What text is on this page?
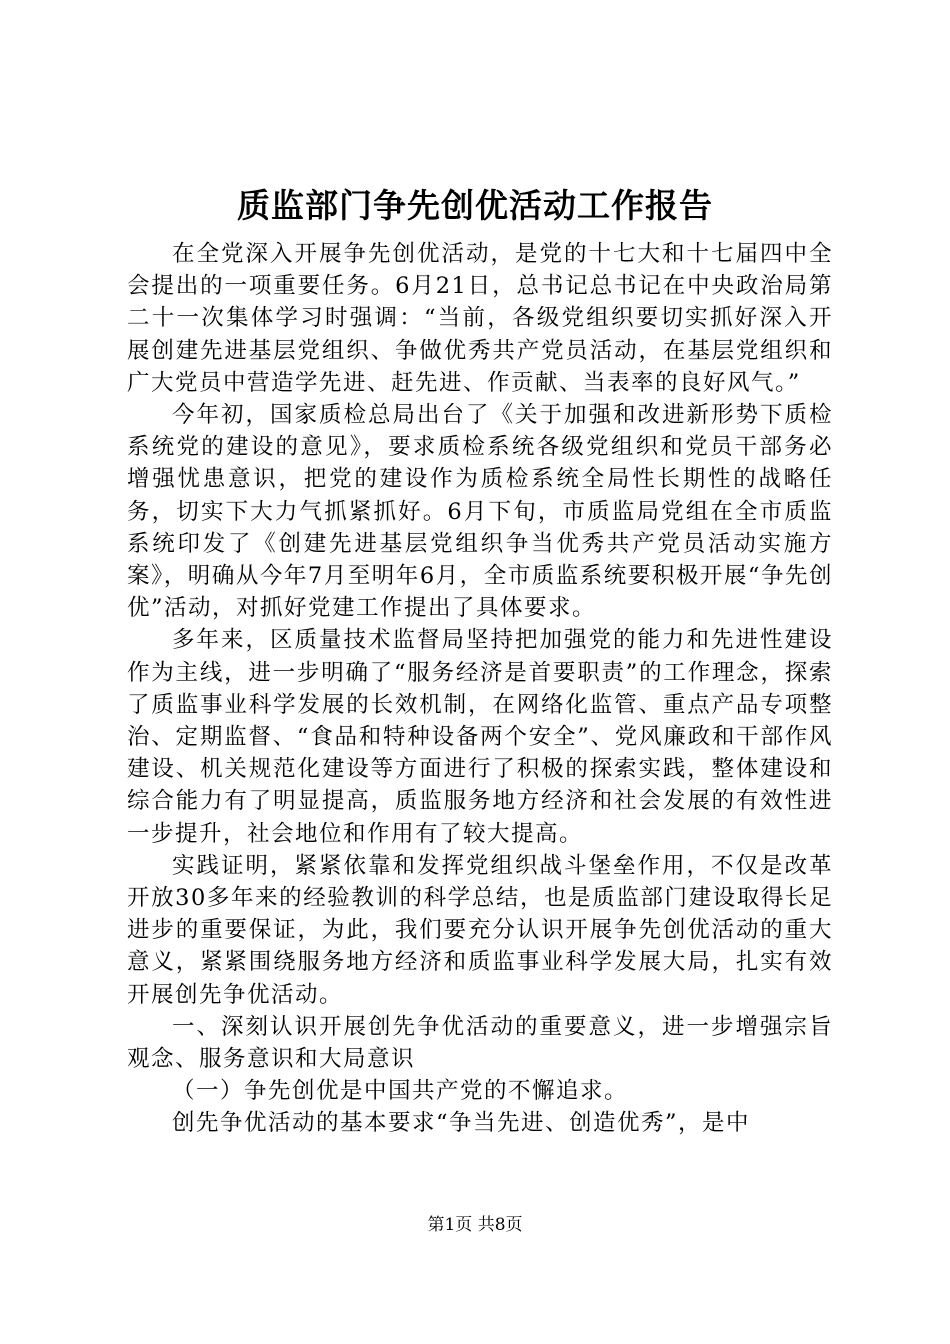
质监部门争先创优活动工作报告

在全党深入开展争先创优活动，是党的十七大和十七届四中全会提出的一项重要任务。6月21日，总书记总书记在中央政治局第二十一次集体学习时强调：“当前，各级党组织要切实抓好深入开展创建先进基层党组织、争做优秀共产党员活动，在基层党组织和广大党员中营造学先进、赶先进、作贡献、当表率的良好风气。”

今年初，国家质检总局出台了《关于加强和改进新形势下质检系统党的建设的意见》，要求质检系统各级党组织和党员干部务必增强忧患意识，把党的建设作为质检系统全局性长期性的战略任务，切实下大力气抓紧抓好。6月下旬，市质监局党组在全市质监系统印发了《创建先进基层党组织争当优秀共产党员活动实施方案》，明确从今年7月至明年6月，全市质监系统要积极开展“争先创优”活动，对抓好党建工作提出了具体要求。

多年来，区质量技术监督局坚持把加强党的能力和先进性建设作为主线，进一步明确了“服务经济是首要职责”的工作理念，探索了质监事业科学发展的长效机制，在网络化监管、重点产品专项整治、定期监督、“食品和特种设备两个安全”、党风廉政和干部作风建设、机关规范化建设等方面进行了积极的探索实践，整体建设和综合能力有了明显提高，质监服务地方经济和社会发展的有效性进一步提升，社会地位和作用有了较大提高。

实践证明，紧紧依靠和发挥党组织战斗堡垒作用，不仅是改革开放30多年来的经验教训的科学总结，也是质监部门建设取得长足进步的重要保证，为此，我们要充分认识开展争先创优活动的重大意义，紧紧围绕服务地方经济和质监事业科学发展大局，扎实有效开展创先争优活动。

一、深刻认识开展创先争优活动的重要意义，进一步增强宗旨观念、服务意识和大局意识

（一）争先创优是中国共产党的不懈追求。

创先争优活动的基本要求“争当先进、创造优秀”，是中

第1页 共8页
